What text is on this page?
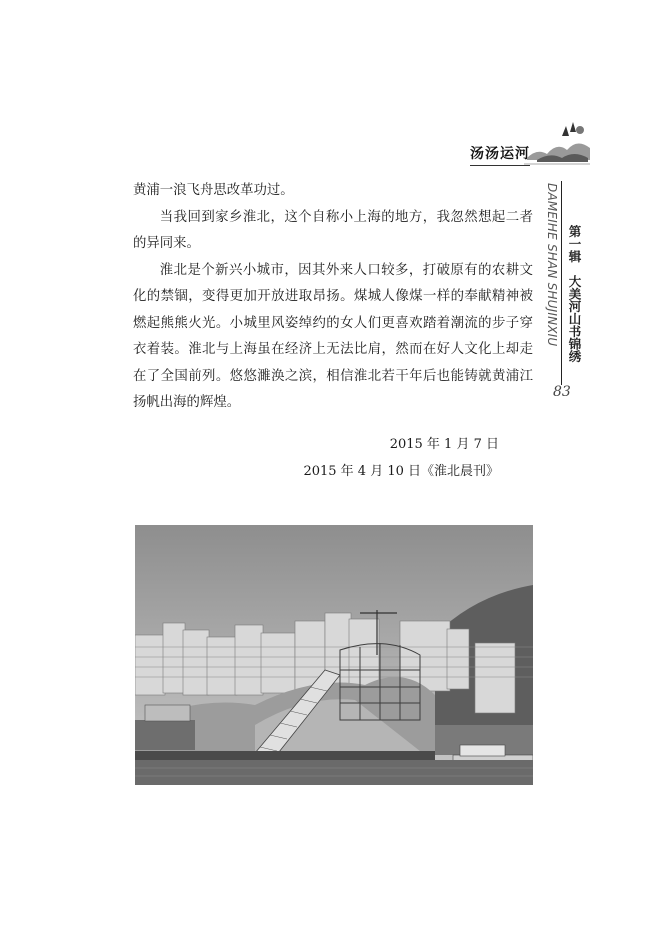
汤汤运河

黄浦一浪飞舟思改革功过。

当我回到家乡淮北，这个自称小上海的地方，我忽然想起二者的异同来。

淮北是个新兴小城市，因其外来人口较多，打破原有的农耕文化的禁锢，变得更加开放进取昂扬。煤城人像煤一样的奉献精神被燃起熊熊火光。小城里风姿绰约的女人们更喜欢踏着潮流的步子穿衣着装。淮北与上海虽在经济上无法比肩，然而在好人文化上却走在了全国前列。悠悠濉涣之滨，相信淮北若干年后也能铸就黄浦江扬帆出海的辉煌。

DAMEIHE SHAN SHUJINXIU 第一辑　大美河山书锦绣
83
2015 年 1 月 7 日
2015 年 4 月 10 日《淮北晨刊》
